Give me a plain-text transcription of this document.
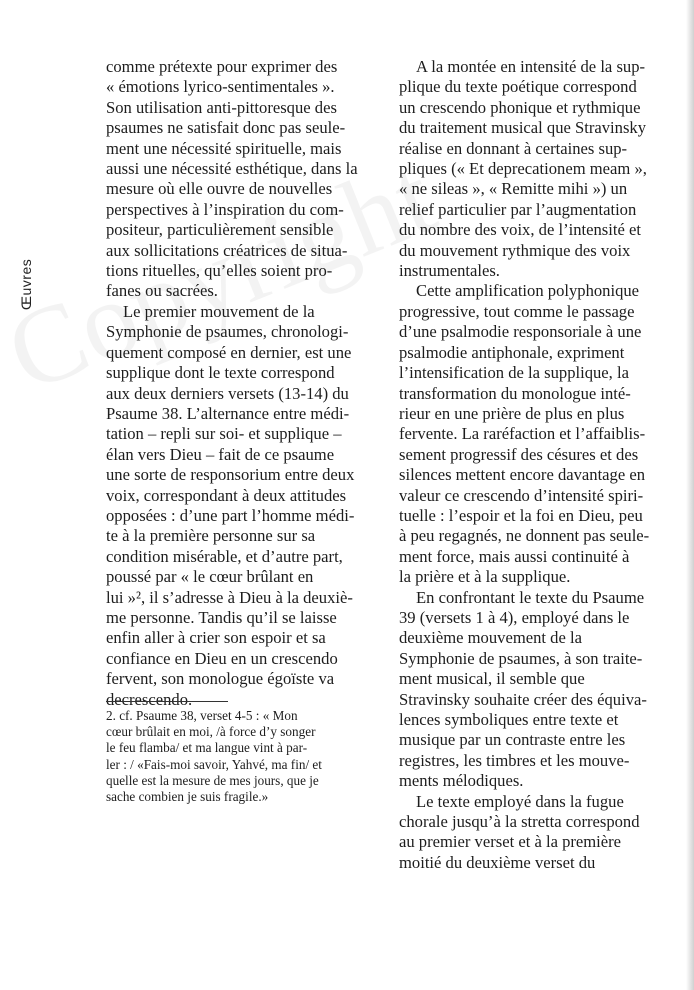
Œuvres
comme prétexte pour exprimer des
« émotions lyrico-sentimentales ».
Son utilisation anti-pittoresque des
psaumes ne satisfait donc pas seule-
ment une nécessité spirituelle, mais
aussi une nécessité esthétique, dans la
mesure où elle ouvre de nouvelles
perspectives à l’inspiration du com-
positeur, particulièrement sensible
aux sollicitations créatrices de situa-
tions rituelles, qu’elles soient pro-
fanes ou sacrées.
Le premier mouvement de la
Symphonie de psaumes, chronologi-
quement composé en dernier, est une
supplique dont le texte correspond
aux deux derniers versets (13-14) du
Psaume 38. L’alternance entre médi-
tation – repli sur soi- et supplique –
élan vers Dieu – fait de ce psaume
une sorte de responsorium entre deux
voix, correspondant à deux attitudes
opposées : d’une part l’homme médi-
te à la première personne sur sa
condition misérable, et d’autre part,
poussé par « le cœur brûlant en
lui »², il s’adresse à Dieu à la deuxiè-
me personne. Tandis qu’il se laisse
enfin aller à crier son espoir et sa
confiance en Dieu en un crescendo
fervent, son monologue égoïste va
decrescendo.
2. cf. Psaume 38, verset 4-5 : « Mon
cœur brûlait en moi, /à force d’y songer
le feu flamba/ et ma langue vint à par-
ler : / «Fais-moi savoir, Yahvé, ma fin/ et
quelle est la mesure de mes jours, que je
sache combien je suis fragile.»
A la montée en intensité de la sup-
plique du texte poétique correspond
un crescendo phonique et rythmique
du traitement musical que Stravinsky
réalise en donnant à certaines sup-
pliques (« Et deprecationem meam »,
« ne sileas », « Remitte mihi ») un
relief particulier par l’augmentation
du nombre des voix, de l’intensité et
du mouvement rythmique des voix
instrumentales.
Cette amplification polyphonique
progressive, tout comme le passage
d’une psalmodie responsoriale à une
psalmodie antiphonale, expriment
l’intensification de la supplique, la
transformation du monologue inté-
rieur en une prière de plus en plus
fervente. La raréfaction et l’affaiblis-
sement progressif des césures et des
silences mettent encore davantage en
valeur ce crescendo d’intensité spiri-
tuelle : l’espoir et la foi en Dieu, peu
à peu regagnés, ne donnent pas seule-
ment force, mais aussi continuité à
la prière et à la supplique.
En confrontant le texte du Psaume
39 (versets 1 à 4), employé dans le
deuxième mouvement de la
Symphonie de psaumes, à son traite-
ment musical, il semble que
Stravinsky souhaite créer des équiva-
lences symboliques entre texte et
musique par un contraste entre les
registres, les timbres et les mouve-
ments mélodiques.
Le texte employé dans la fugue
chorale jusqu’à la stretta correspond
au premier verset et à la première
moitié du deuxième verset du
